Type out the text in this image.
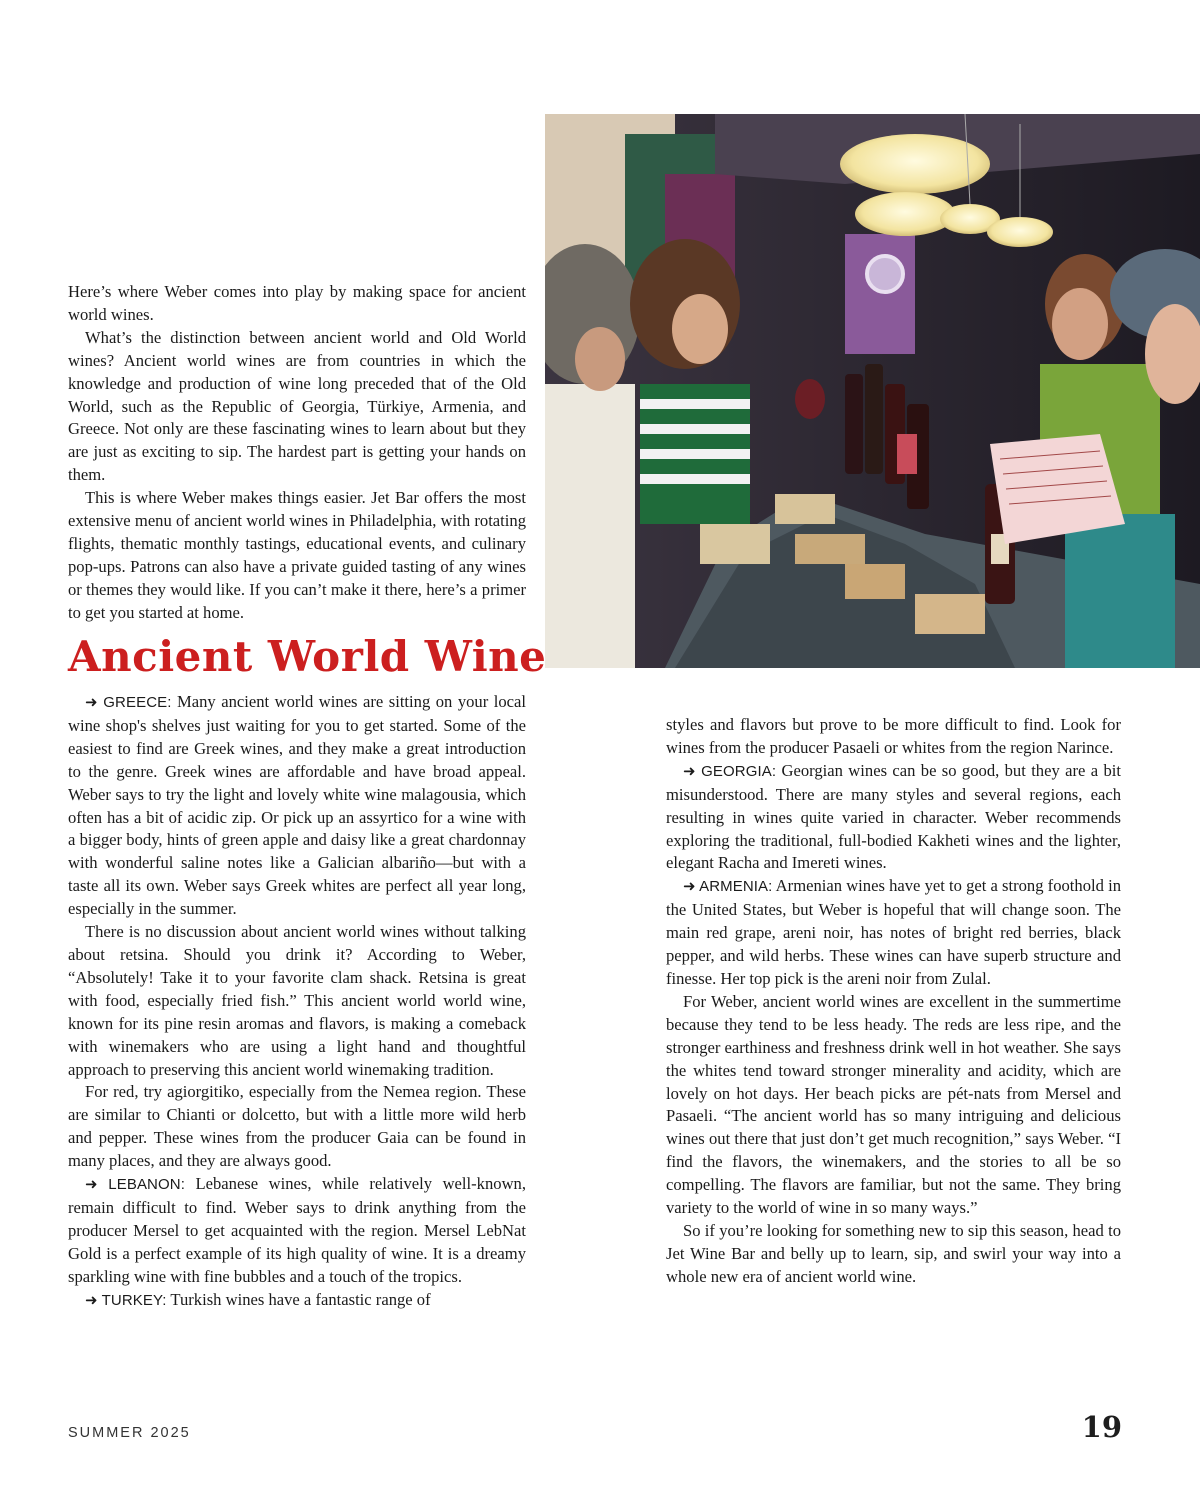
Here’s where Weber comes into play by making space for ancient world wines.

What’s the distinction between ancient world and Old World wines? Ancient world wines are from countries in which the knowledge and production of wine long preceded that of the Old World, such as the Republic of Georgia, Türkiye, Armenia, and Greece. Not only are these fascinating wines to learn about but they are just as exciting to sip. The hardest part is getting your hands on them.

This is where Weber makes things easier. Jet Bar offers the most extensive menu of ancient world wines in Philadelphia, with rotating flights, thematic monthly tastings, educational events, and culinary pop-ups. Patrons can also have a private guided tasting of any wines or themes they would like. If you can’t make it there, here’s a primer to get you started at home.

Ancient World Wine

➜ GREECE: Many ancient world wines are sitting on your local wine shop's shelves just waiting for you to get started. Some of the easiest to find are Greek wines, and they make a great introduction to the genre. Greek wines are affordable and have broad appeal. Weber says to try the light and lovely white wine malagousia, which often has a bit of acidic zip. Or pick up an assyrtico for a wine with a bigger body, hints of green apple and daisy like a great chardonnay with wonderful saline notes like a Galician albariño—but with a taste all its own. Weber says Greek whites are perfect all year long, especially in the summer.

There is no discussion about ancient world wines without talking about retsina. Should you drink it? According to Weber, “Absolutely! Take it to your favorite clam shack. Retsina is great with food, especially fried fish.” This ancient world world wine, known for its pine resin aromas and flavors, is making a comeback with winemakers who are using a light hand and thoughtful approach to preserving this ancient world winemaking tradition.

For red, try agiorgitiko, especially from the Nemea region. These are similar to Chianti or dolcetto, but with a little more wild herb and pepper. These wines from the producer Gaia can be found in many places, and they are always good.

➜ LEBANON: Lebanese wines, while relatively well-known, remain difficult to find. Weber says to drink anything from the producer Mersel to get acquainted with the region. Mersel LebNat Gold is a perfect example of its high quality of wine. It is a dreamy sparkling wine with fine bubbles and a touch of the tropics.

➜ TURKEY: Turkish wines have a fantastic range of

styles and flavors but prove to be more difficult to find. Look for wines from the producer Pasaeli or whites from the region Narince.

➜ GEORGIA: Georgian wines can be so good, but they are a bit misunderstood. There are many styles and several regions, each resulting in wines quite varied in character. Weber recommends exploring the traditional, full-bodied Kakheti wines and the lighter, elegant Racha and Imereti wines.

➜ ARMENIA: Armenian wines have yet to get a strong foothold in the United States, but Weber is hopeful that will change soon. The main red grape, areni noir, has notes of bright red berries, black pepper, and wild herbs. These wines can have superb structure and finesse. Her top pick is the areni noir from Zulal.

For Weber, ancient world wines are excellent in the summertime because they tend to be less heady. The reds are less ripe, and the stronger earthiness and freshness drink well in hot weather. She says the whites tend toward stronger minerality and acidity, which are lovely on hot days. Her beach picks are pét-nats from Mersel and Pasaeli. “The ancient world has so many intriguing and delicious wines out there that just don’t get much recognition,” says Weber. “I find the flavors, the winemakers, and the stories to all be so compelling. The flavors are familiar, but not the same. They bring variety to the world of wine in so many ways.”

So if you’re looking for something new to sip this season, head to Jet Wine Bar and belly up to learn, sip, and swirl your way into a whole new era of ancient world wine.

SUMMER 2025	19
